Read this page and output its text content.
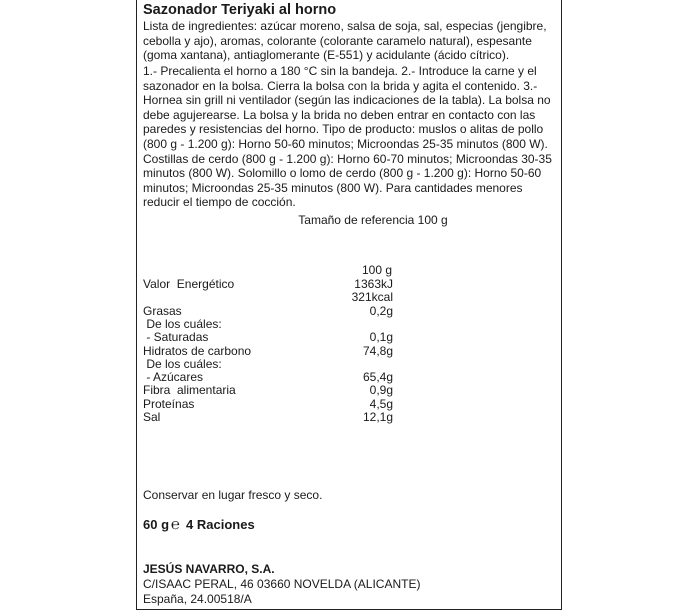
Sazonador Teriyaki al horno
Lista de ingredientes: azúcar moreno, salsa de soja, sal, especias (jengibre, cebolla y ajo), aromas, colorante (colorante caramelo natural), espesante (goma xantana), antiaglomerante (E-551) y acidulante (ácido cítrico).
1.- Precalienta el horno a 180 °C sin la bandeja. 2.- Introduce la carne y el sazonador en la bolsa. Cierra la bolsa con la brida y agita el contenido. 3.- Hornea sin grill ni ventilador (según las indicaciones de la tabla). La bolsa no debe agujerearse. La bolsa y la brida no deben entrar en contacto con las paredes y resistencias del horno. Tipo de producto: muslos o alitas de pollo (800 g - 1.200 g): Horno 50-60 minutos; Microondas 25-35 minutos (800 W). Costillas de cerdo (800 g - 1.200 g): Horno 60-70 minutos; Microondas 30-35 minutos (800 W). Solomillo o lomo de cerdo (800 g - 1.200 g): Horno 50-60 minutos; Microondas 25-35 minutos (800 W). Para cantidades menores reducir el tiempo de cocción.
Tamaño de referencia 100 g
100 g
Valor  Energético	1363kJ
321kcal
Grasas	0,2g
De los cuáles:
- Saturadas	0,1g
Hidratos de carbono	74,8g
De los cuáles:
- Azúcares	65,4g
Fibra  alimentaria	0,9g
Proteínas	4,5g
Sal	12,1g
Conservar en lugar fresco y seco.
60 g ℮ 4 Raciones
JESÚS NAVARRO, S.A.
C/ISAAC PERAL, 46 03660 NOVELDA (ALICANTE)
España, 24.00518/A
